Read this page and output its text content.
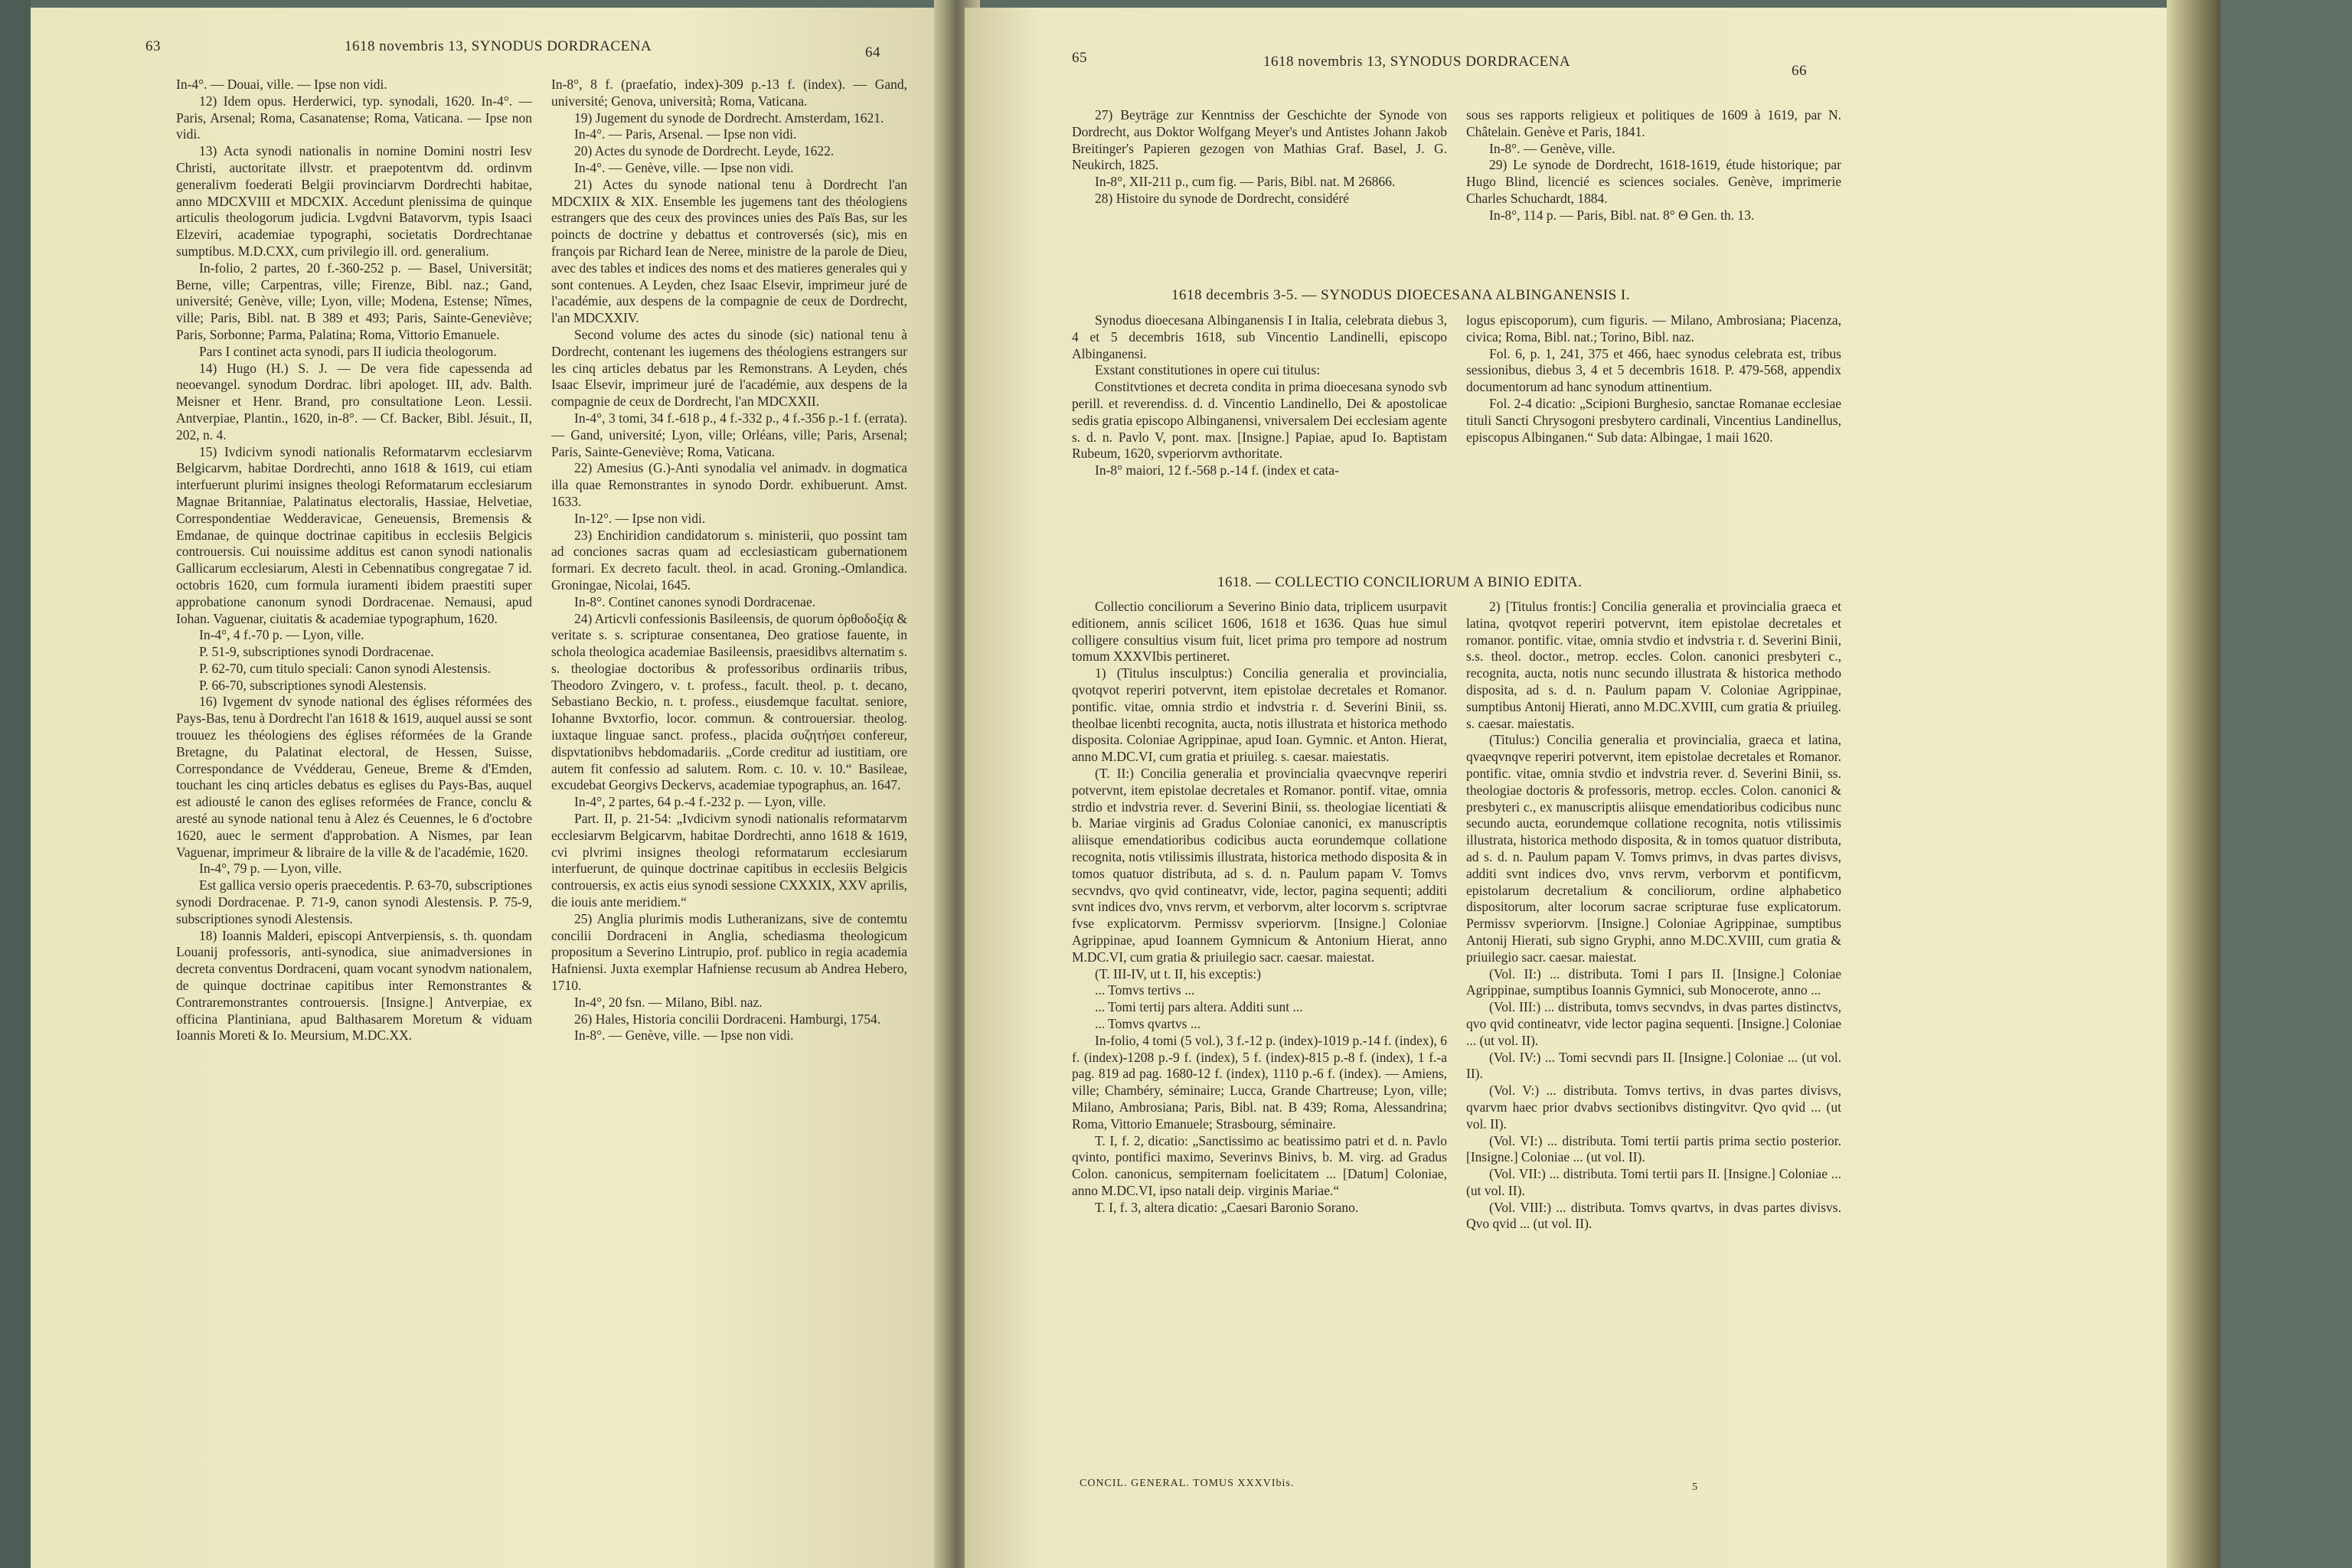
63	1618 novembris 13, SYNODUS DORDRACENA	64

In-4°. — Douai, ville. — Ipse non vidi.

12) Idem opus. Herderwici, typ. synodali, 1620. In-4°. — Paris, Arsenal; Roma, Casanatense; Roma, Vaticana. — Ipse non vidi.

13) Acta synodi nationalis in nomine Domini nostri Iesv Christi, auctoritate illvstr. et praepotentvm dd. ordinvm generalivm foederati Belgii provinciarvm Dordrechti habitae, anno MDCXVIII et MDCXIX. Accedunt plenissima de quinque articulis theologorum judicia. Lvgdvni Batavorvm, typis Isaaci Elzeviri, academiae typographi, societatis Dordrechtanae sumptibus. M.D.CXX, cum privilegio ill. ord. generalium.

In-folio, 2 partes, 20 f.-360-252 p. — Basel, Universität; Berne, ville; Carpentras, ville; Firenze, Bibl. naz.; Gand, université; Genève, ville; Lyon, ville; Modena, Estense; Nîmes, ville; Paris, Bibl. nat. B 389 et 493; Paris, Sainte-Geneviève; Paris, Sorbonne; Parma, Palatina; Roma, Vittorio Emanuele.

Pars I continet acta synodi, pars II iudicia theologorum.

14) Hugo (H.) S. J. — De vera fide capessenda ad neoevangel. synodum Dordrac. libri apologet. III, adv. Balth. Meisner et Henr. Brand, pro consultatione Leon. Lessii. Antverpiae, Plantin., 1620, in-8°. — Cf. Backer, Bibl. Jésuit., II, 202, n. 4.

15) Ivdicivm synodi nationalis Reformatarvm ecclesiarvm Belgicarvm, habitae Dordrechti, anno 1618 & 1619, cui etiam interfuerunt plurimi insignes theologi Reformatarum ecclesiarum Magnae Britanniae, Palatinatus electoralis, Hassiae, Helvetiae, Correspondentiae Wedderavicae, Geneuensis, Bremensis & Emdanae, de quinque doctrinae capitibus in ecclesiis Belgicis controuersis. Cui nouissime additus est canon synodi nationalis Gallicarum ecclesiarum, Alesti in Cebennatibus congregatae 7 id. octobris 1620, cum formula iuramenti ibidem praestiti super approbatione canonum synodi Dordracenae. Nemausi, apud Iohan. Vaguenar, ciuitatis & academiae typographum, 1620.

In-4°, 4 f.-70 p. — Lyon, ville.

P. 51-9, subscriptiones synodi Dordracenae.

P. 62-70, cum titulo speciali: Canon synodi Alestensis.

P. 66-70, subscriptiones synodi Alestensis.

16) Ivgement dv synode national des églises réformées des Pays-Bas, tenu à Dordrecht l'an 1618 & 1619, auquel aussi se sont trouuez les théologiens des églises réformées de la Grande Bretagne, du Palatinat electoral, de Hessen, Suisse, Correspondance de Vvédderau, Geneue, Breme & d'Emden, touchant les cinq articles debatus es eglises du Pays-Bas, auquel est adiousté le canon des eglises reformées de France, conclu & aresté au synode national tenu à Alez és Ceuennes, le 6 d'octobre 1620, auec le serment d'approbation. A Nismes, par Iean Vaguenar, imprimeur & libraire de la ville & de l'académie, 1620.

In-4°, 79 p. — Lyon, ville.

Est gallica versio operis praecedentis. P. 63-70, subscriptiones synodi Dordracenae. P. 71-9, canon synodi Alestensis. P. 75-9, subscriptiones synodi Alestensis.

18) Ioannis Malderi, episcopi Antverpiensis, s. th. quondam Louanij professoris, anti-synodica, siue animadversiones in decreta conventus Dordraceni, quam vocant synodvm nationalem, de quinque doctrinae capitibus inter Remonstrantes & Contraremonstrantes controuersis. [Insigne.] Antverpiae, ex officina Plantiniana, apud Balthasarem Moretum & viduam Ioannis Moreti & Io. Meursium, M.DC.XX.

In-8°, 8 f. (praefatio, index)-309 p.-13 f. (index). — Gand, université; Genova, università; Roma, Vaticana.

19) Jugement du synode de Dordrecht. Amsterdam, 1621.

In-4°. — Paris, Arsenal. — Ipse non vidi.

20) Actes du synode de Dordrecht. Leyde, 1622.

In-4°. — Genève, ville. — Ipse non vidi.

21) Actes du synode national tenu à Dordrecht l'an MDCXIIX & XIX. Ensemble les jugemens tant des théologiens estrangers que des ceux des provinces unies des Païs Bas, sur les poincts de doctrine y debattus et controversés (sic), mis en françois par Richard Iean de Neree, ministre de la parole de Dieu, avec des tables et indices des noms et des matieres generales qui y sont contenues. A Leyden, chez Isaac Elsevir, imprimeur juré de l'académie, aux despens de la compagnie de ceux de Dordrecht, l'an MDCXXIV.

Second volume des actes du sinode (sic) national tenu à Dordrecht, contenant les iugemens des théologiens estrangers sur les cinq articles debatus par les Remonstrans. A Leyden, chés Isaac Elsevir, imprimeur juré de l'académie, aux despens de la compagnie de ceux de Dordrecht, l'an MDCXXII.

In-4°, 3 tomi, 34 f.-618 p., 4 f.-332 p., 4 f.-356 p.-1 f. (errata). — Gand, université; Lyon, ville; Orléans, ville; Paris, Arsenal; Paris, Sainte-Geneviève; Roma, Vaticana.

22) Amesius (G.)-Anti synodalia vel animadv. in dogmatica illa quae Remonstrantes in synodo Dordr. exhibuerunt. Amst. 1633.

In-12°. — Ipse non vidi.

23) Enchiridion candidatorum s. ministerii, quo possint tam ad conciones sacras quam ad ecclesiasticam gubernationem formari. Ex decreto facult. theol. in acad. Groning.-Omlandica. Groningae, Nicolai, 1645.

In-8°. Continet canones synodi Dordracenae.

24) Articvli confessionis Basileensis, de quorum ὀρθοδοξίᾳ & veritate s. s. scripturae consentanea, Deo gratiose fauente, in schola theologica academiae Basileensis, praesidibvs alternatim s. s. theologiae doctoribus & professoribus ordinariis tribus, Theodoro Zvingero, v. t. profess., facult. theol. p. t. decano, Sebastiano Beckio, n. t. profess., eiusdemque facultat. seniore, Iohanne Bvxtorfio, locor. commun. & controuersiar. theolog. iuxtaque linguae sanct. profess., placida συζητήσει confereur, dispvtationibvs hebdomadariis. „Corde creditur ad iustitiam, ore autem fit confessio ad salutem. Rom. c. 10. v. 10.“ Basileae, excudebat Georgivs Deckervs, academiae typographus, an. 1647.

In-4°, 2 partes, 64 p.-4 f.-232 p. — Lyon, ville.

Part. II, p. 21-54: „Ivdicivm synodi nationalis reformatarvm ecclesiarvm Belgicarvm, habitae Dordrechti, anno 1618 & 1619, cvi plvrimi insignes theologi reformatarum ecclesiarum interfuerunt, de quinque doctrinae capitibus in ecclesiis Belgicis controuersis, ex actis eius synodi sessione CXXXIX, XXV aprilis, die iouis ante meridiem.“

25) Anglia plurimis modis Lutheranizans, sive de contemtu concilii Dordraceni in Anglia, schediasma theologicum propositum a Severino Lintrupio, prof. publico in regia academia Hafniensi. Juxta exemplar Hafniense recusum ab Andrea Hebero, 1710.

In-4°, 20 fsn. — Milano, Bibl. naz.

26) Hales, Historia concilii Dordraceni. Hamburgi, 1754.

In-8°. — Genève, ville. — Ipse non vidi.

65	1618 novembris 13, SYNODUS DORDRACENA
66

27) Beyträge zur Kenntniss der Geschichte der Synode von Dordrecht, aus Doktor Wolfgang Meyer's und Antistes Johann Jakob Breitinger's Papieren gezogen von Mathias Graf. Basel, J. G. Neukirch, 1825.

In-8°, XII-211 p., cum fig. — Paris, Bibl. nat. M 26866.

28) Histoire du synode de Dordrecht, considéré

sous ses rapports religieux et politiques de 1609 à 1619, par N. Châtelain. Genève et Paris, 1841.

In-8°. — Genève, ville.

29) Le synode de Dordrecht, 1618-1619, étude historique; par Hugo Blind, licencié es sciences sociales. Genève, imprimerie Charles Schuchardt, 1884.

In-8°, 114 p. — Paris, Bibl. nat. 8° Θ Gen. th. 13.

1618 decembris 3-5. — SYNODUS DIOECESANA ALBINGANENSIS I.

Synodus dioecesana Albinganensis I in Italia, celebrata diebus 3, 4 et 5 decembris 1618, sub Vincentio Landinelli, episcopo Albinganensi.

Exstant constitutiones in opere cui titulus:

Constitvtiones et decreta condita in prima dioecesana synodo svb perill. et reverendiss. d. d. Vincentio Landinello, Dei & apostolicae sedis gratia episcopo Albinganensi, vniversalem Dei ecclesiam agente s. d. n. Pavlo V, pont. max. [Insigne.] Papiae, apud Io. Baptistam Rubeum, 1620, svperiorvm avthoritate.

In-8° maiori, 12 f.-568 p.-14 f. (index et cata-

logus episcoporum), cum figuris. — Milano, Ambrosiana; Piacenza, civica; Roma, Bibl. nat.; Torino, Bibl. naz.

Fol. 6, p. 1, 241, 375 et 466, haec synodus celebrata est, tribus sessionibus, diebus 3, 4 et 5 decembris 1618. P. 479-568, appendix documentorum ad hanc synodum attinentium.

Fol. 2-4 dicatio: „Scipioni Burghesio, sanctae Romanae ecclesiae tituli Sancti Chrysogoni presbytero cardinali, Vincentius Landinellus, episcopus Albinganen.“ Sub data: Albingae, 1 maii 1620.

1618. — COLLECTIO CONCILIORUM A BINIO EDITA.

Collectio conciliorum a Severino Binio data, triplicem usurpavit editionem, annis scilicet 1606, 1618 et 1636. Quas hue simul colligere consultius visum fuit, licet prima pro tempore ad nostrum tomum XXXVIbis pertineret.

1) (Titulus insculptus:) Concilia generalia et provincialia, qvotqvot reperiri potvervnt, item epistolae decretales et Romanor. pontific. vitae, omnia strdio et indvstria r. d. Severini Binii, ss. theolbae licenbti recognita, aucta, notis illustrata et historica methodo disposita. Coloniae Agrippinae, apud Ioan. Gymnic. et Anton. Hierat, anno M.DC.VI, cum gratia et priuileg. s. caesar. maiestatis.

(T. II:) Concilia generalia et provincialia qvaecvnqve reperiri potvervnt, item epistolae decretales et Romanor. pontif. vitae, omnia strdio et indvstria rever. d. Severini Binii, ss. theologiae licentiati & b. Mariae virginis ad Gradus Coloniae canonici, ex manuscriptis aliisque emendatioribus codicibus aucta eorundemque collatione recognita, notis vtilissimis illustrata, historica methodo disposita & in tomos quatuor distributa, ad s. d. n. Paulum papam V. Tomvs secvndvs, qvo qvid contineatvr, vide, lector, pagina sequenti; additi svnt indices dvo, vnvs rervm, et verborvm, alter locorvm s. scriptvrae fvse explicatorvm. Permissv svperiorvm. [Insigne.] Coloniae Agrippinae, apud Ioannem Gymnicum & Antonium Hierat, anno M.DC.VI, cum gratia & priuilegio sacr. caesar. maiestat.

(T. III-IV, ut t. II, his exceptis:)

... Tomvs tertivs ...

... Tomi tertij pars altera. Additi sunt ...

... Tomvs qvartvs ...

In-folio, 4 tomi (5 vol.), 3 f.-12 p. (index)-1019 p.-14 f. (index), 6 f. (index)-1208 p.-9 f. (index), 5 f. (index)-815 p.-8 f. (index), 1 f.-a pag. 819 ad pag. 1680-12 f. (index), 1110 p.-6 f. (index). — Amiens, ville; Chambéry, séminaire; Lucca, Grande Chartreuse; Lyon, ville; Milano, Ambrosiana; Paris, Bibl. nat. B 439; Roma, Alessandrina; Roma, Vittorio Emanuele; Strasbourg, séminaire.

T. I, f. 2, dicatio: „Sanctissimo ac beatissimo patri et d. n. Pavlo qvinto, pontifici maximo, Severinvs Binivs, b. M. virg. ad Gradus Colon. canonicus, sempiternam foelicitatem ... [Datum] Coloniae, anno M.DC.VI, ipso natali deip. virginis Mariae.“

T. I, f. 3, altera dicatio: „Caesari Baronio Sorano.

2) [Titulus frontis:] Concilia generalia et provincialia graeca et latina, qvotqvot reperiri potvervnt, item epistolae decretales et romanor. pontific. vitae, omnia stvdio et indvstria r. d. Severini Binii, s.s. theol. doctor., metrop. eccles. Colon. canonici presbyteri c., recognita, aucta, notis nunc secundo illustrata & historica methodo disposita, ad s. d. n. Paulum papam V. Coloniae Agrippinae, sumptibus Antonij Hierati, anno M.DC.XVIII, cum gratia & priuileg. s. caesar. maiestatis.

(Titulus:) Concilia generalia et provincialia, graeca et latina, qvaeqvnqve reperiri potvervnt, item epistolae decretales et Romanor. pontific. vitae, omnia stvdio et indvstria rever. d. Severini Binii, ss. theologiae doctoris & professoris, metrop. eccles. Colon. canonici & presbyteri c., ex manuscriptis aliisque emendatioribus codicibus nunc secundo aucta, eorundemque collatione recognita, notis vtilissimis illustrata, historica methodo disposita, & in tomos quatuor distributa, ad s. d. n. Paulum papam V. Tomvs primvs, in dvas partes divisvs, additi svnt indices dvo, vnvs rervm, verborvm et pontificvm, epistolarum decretalium & conciliorum, ordine alphabetico dispositorum, alter locorum sacrae scripturae fuse explicatorum. Permissv svperiorvm. [Insigne.] Coloniae Agrippinae, sumptibus Antonij Hierati, sub signo Gryphi, anno M.DC.XVIII, cum gratia & priuilegio sacr. caesar. maiestat.

(Vol. II:) ... distributa. Tomi I pars II. [Insigne.] Coloniae Agrippinae, sumptibus Ioannis Gymnici, sub Monocerote, anno ...

(Vol. III:) ... distributa, tomvs secvndvs, in dvas partes distinctvs, qvo qvid contineatvr, vide lector pagina sequenti. [Insigne.] Coloniae ... (ut vol. II).

(Vol. IV:) ... Tomi secvndi pars II. [Insigne.] Coloniae ... (ut vol. II).

(Vol. V:) ... distributa. Tomvs tertivs, in dvas partes divisvs, qvarvm haec prior dvabvs sectionibvs distingvitvr. Qvo qvid ... (ut vol. II).

(Vol. VI:) ... distributa. Tomi tertii partis prima sectio posterior. [Insigne.] Coloniae ... (ut vol. II).

(Vol. VII:) ... distributa. Tomi tertii pars II. [Insigne.] Coloniae ... (ut vol. II).

(Vol. VIII:) ... distributa. Tomvs qvartvs, in dvas partes divisvs. Qvo qvid ... (ut vol. II).

CONCIL. GENERAL. TOMUS XXXVIbis.	5
